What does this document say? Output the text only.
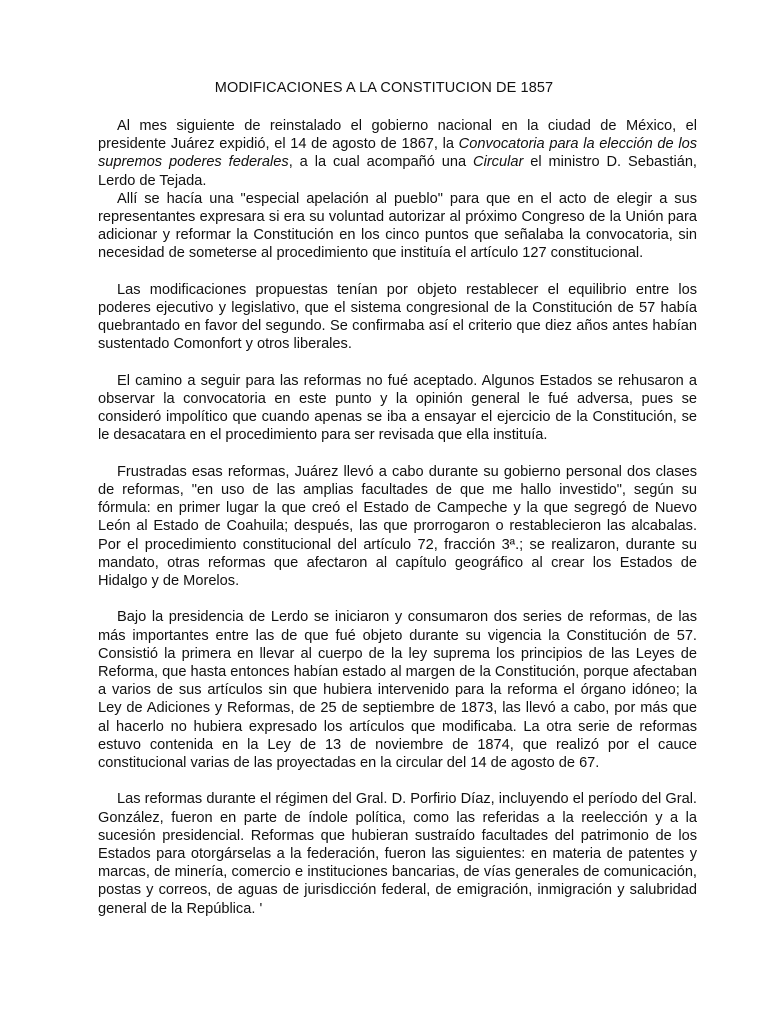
MODIFICACIONES A LA CONSTITUCION DE 1857

Al mes siguiente de reinstalado el gobierno nacional en la ciudad de México, el presidente Juárez expidió, el 14 de agosto de 1867, la Convocatoria para la elección de los supremos poderes federales, a la cual acompañó una Circular el ministro D. Sebastián, Lerdo de Tejada.

Allí se hacía una "especial apelación al pueblo" para que en el acto de elegir a sus representantes expresara si era su voluntad autorizar al próximo Congreso de la Unión para adicionar y reformar la Constitución en los cinco puntos que señalaba la convocatoria, sin necesidad de someterse al procedimiento que instituía el artículo 127 constitucional.

Las modificaciones propuestas tenían por objeto restablecer el equilibrio entre los poderes ejecutivo y legislativo, que el sistema congresional de la Constitución de 57 había quebrantado en favor del segundo. Se confirmaba así el criterio que diez años antes habían sustentado Comonfort y otros liberales.

El camino a seguir para las reformas no fué aceptado. Algunos Estados se rehusaron a observar la convocatoria en este punto y la opinión general le fué adversa, pues se consideró impolítico que cuando apenas se iba a ensayar el ejercicio de la Constitución, se le desacatara en el procedimiento para ser revisada que ella instituía.

Frustradas esas reformas, Juárez llevó a cabo durante su gobierno personal dos clases de reformas, "en uso de las amplias facultades de que me hallo investido", según su fórmula: en primer lugar la que creó el Estado de Campeche y la que segregó de Nuevo León al Estado de Coahuila; después, las que prorrogaron o restablecieron las alcabalas. Por el procedimiento constitucional del artículo 72, fracción 3ª.; se realizaron, durante su mandato, otras reformas que afectaron al capítulo geográfico al crear los Estados de Hidalgo y de Morelos.

Bajo la presidencia de Lerdo se iniciaron y consumaron dos series de reformas, de las más importantes entre las de que fué objeto durante su vigencia la Constitución de 57. Consistió la primera en llevar al cuerpo de la ley suprema los principios de las Leyes de Reforma, que hasta entonces habían estado al margen de la Constitución, porque afectaban a varios de sus artículos sin que hubiera intervenido para la reforma el órgano idóneo; la Ley de Adiciones y Reformas, de 25 de septiembre de 1873, las llevó a cabo, por más que al hacerlo no hubiera expresado los artículos que modificaba. La otra serie de reformas estuvo contenida en la Ley de 13 de noviembre de 1874, que realizó por el cauce constitucional varias de las proyectadas en la circular del 14 de agosto de 67.

Las reformas durante el régimen del Gral. D. Porfirio Díaz, incluyendo el período del Gral. González, fueron en parte de índole política, como las referidas a la reelección y a la sucesión presidencial. Reformas que hubieran sustraído facultades del patrimonio de los Estados para otorgárselas a la federación, fueron las siguientes: en materia de patentes y marcas, de minería, comercio e instituciones bancarias, de vías generales de comunicación, postas y correos, de aguas de jurisdicción federal, de emigración, inmigración y salubridad general de la República. '
